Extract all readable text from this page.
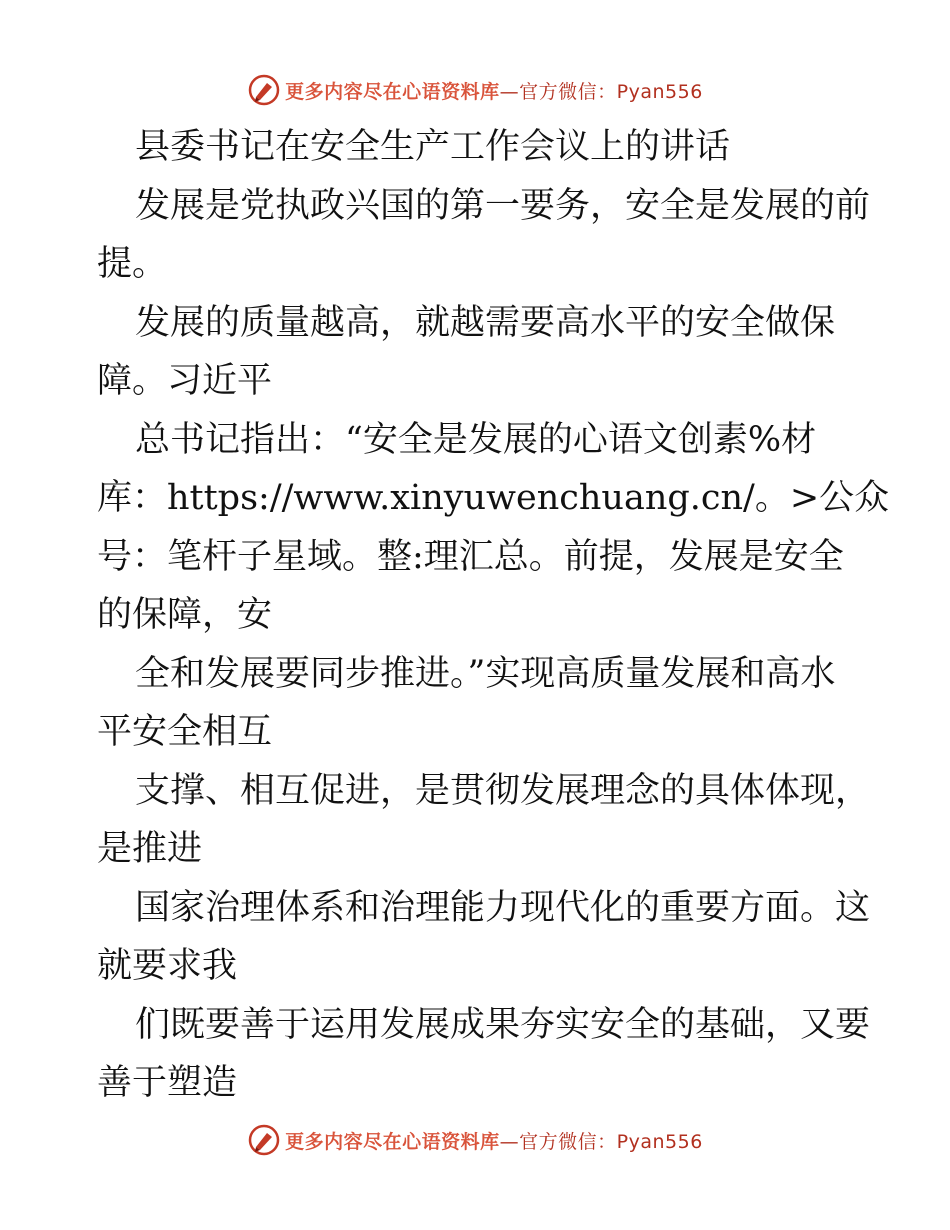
更多内容尽在心语资料库—官方微信：Pyan556
县委书记在安全生产工作会议上的讲话
发展是党执政兴国的第一要务，安全是发展的前
提。
发展的质量越高，就越需要高水平的安全做保
障。习近平
总书记指出：“安全是发展的心语文创素%材
库：https://www.xinyuwenchuang.cn/。>公众
号：笔杆子星域。整:理汇总。前提，发展是安全
的保障，安
全和发展要同步推进。”实现高质量发展和高水
平安全相互
支撑、相互促进，是贯彻发展理念的具体体现，
是推进
国家治理体系和治理能力现代化的重要方面。这
就要求我
们既要善于运用发展成果夯实安全的基础，又要
善于塑造
更多内容尽在心语资料库—官方微信：Pyan556
